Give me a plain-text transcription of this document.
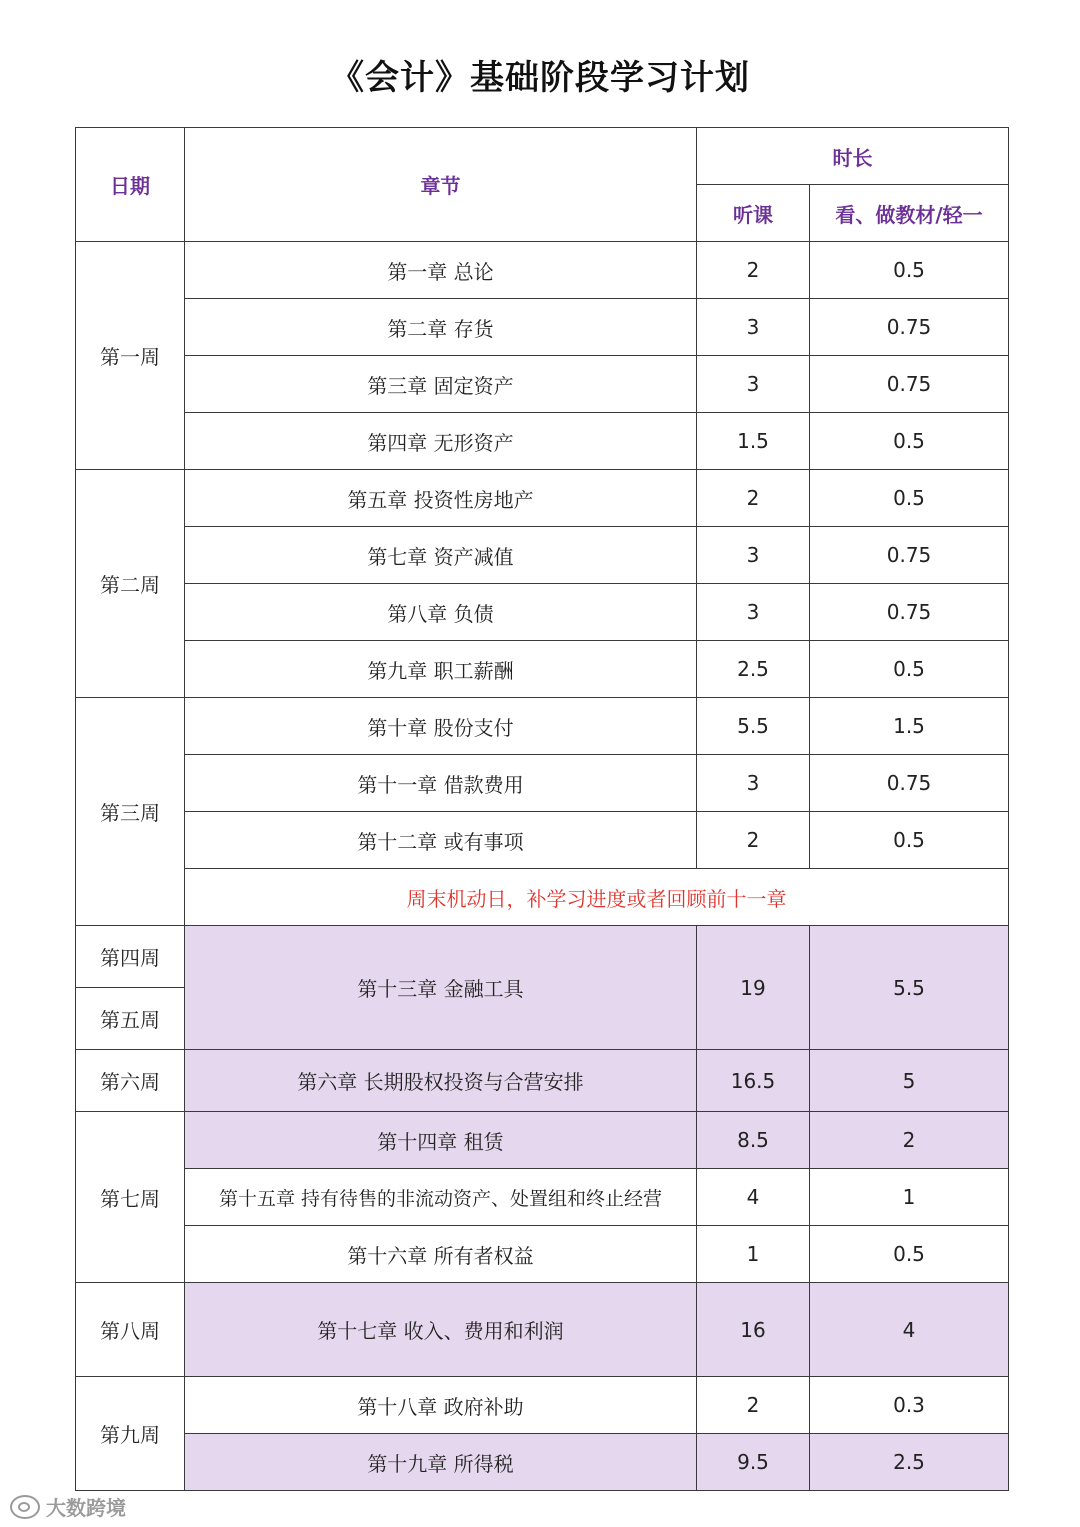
《会计》基础阶段学习计划
日期	章节	时长	
		听课	看、做教材/轻一
第一周	第一章 总论	2	0.5
	第二章 存货	3	0.75
	第三章 固定资产	3	0.75
	第四章 无形资产	1.5	0.5
第二周	第五章 投资性房地产	2	0.5
	第七章 资产减值	3	0.75
	第八章 负债	3	0.75
	第九章 职工薪酬	2.5	0.5
第三周	第十章 股份支付	5.5	1.5
	第十一章 借款费用	3	0.75
	第十二章 或有事项	2	0.5
	周末机动日，补学习进度或者回顾前十一章		
第四周	第十三章 金融工具	19	5.5
第五周			
第六周	第六章 长期股权投资与合营安排	16.5	5
第七周	第十四章 租赁	8.5	2
	第十五章 持有待售的非流动资产、处置组和终止经营	4	1
	第十六章 所有者权益	1	0.5
第八周	第十七章 收入、费用和利润	16	4
第九周	第十八章 政府补助	2	0.3
	第十九章 所得税	9.5	2.5
大数跨境
